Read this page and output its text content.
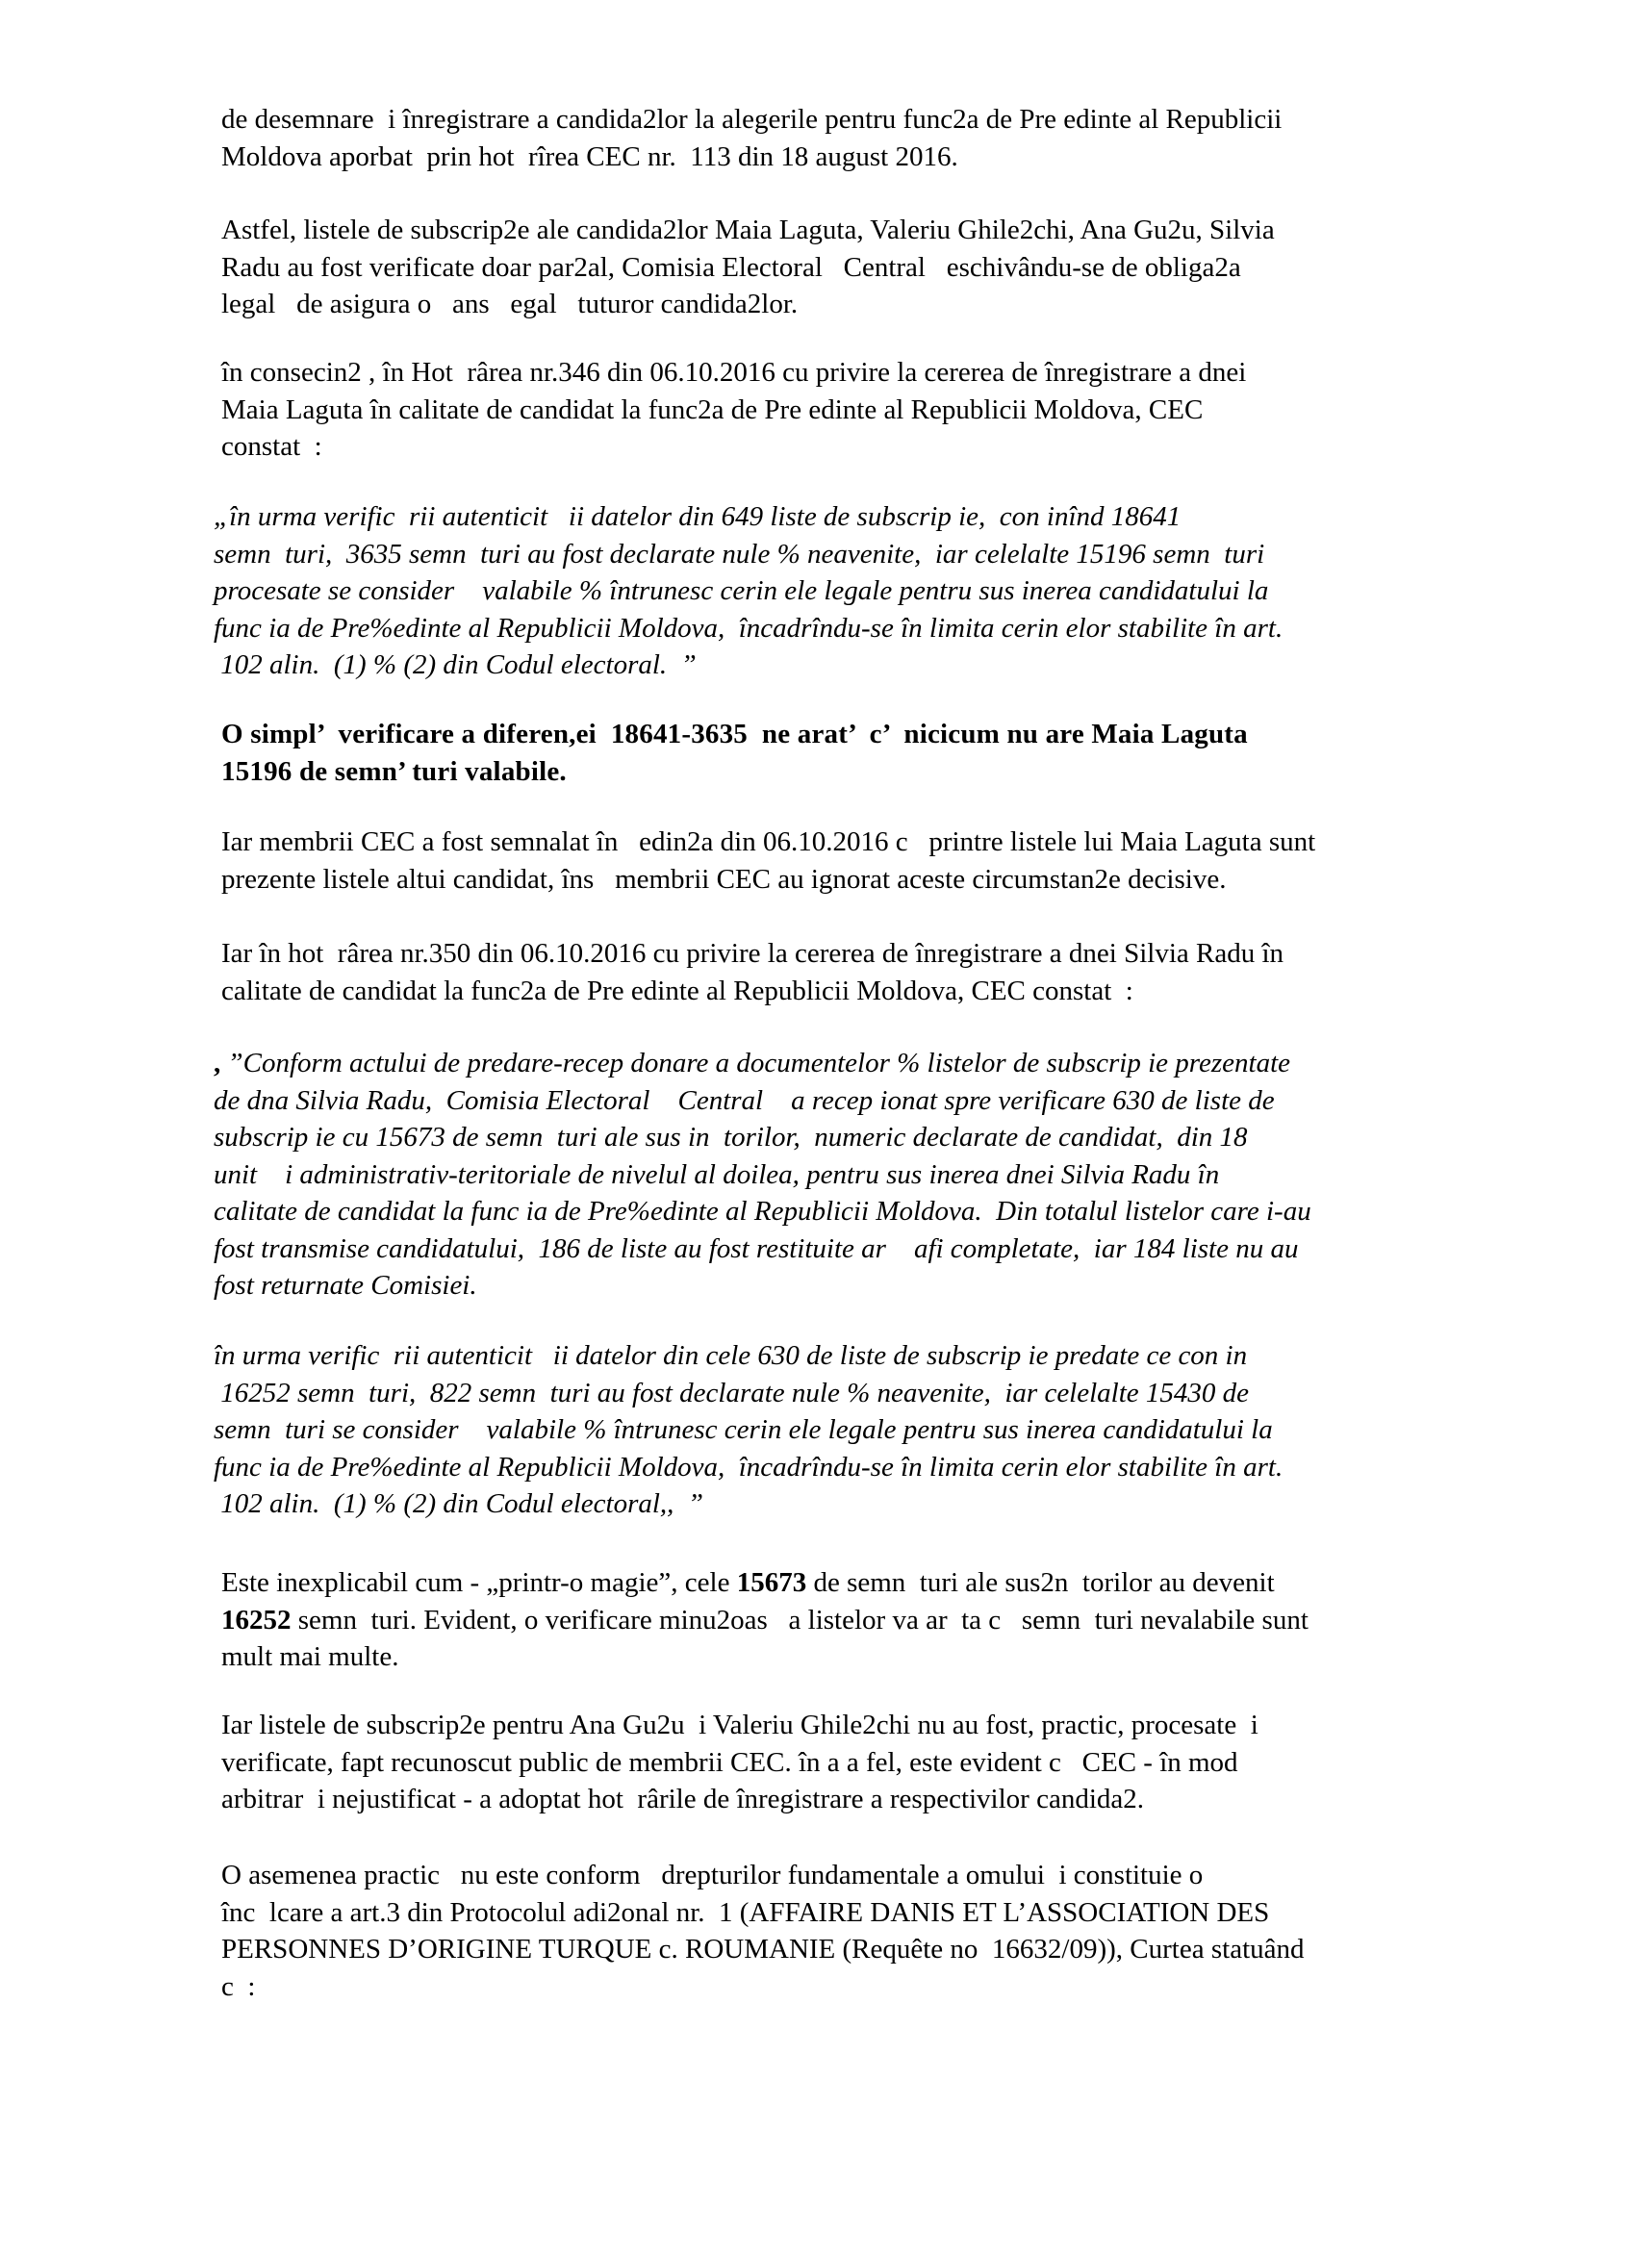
de desemnare  i înregistrare a candida2lor la alegerile pentru func2a de Pre edinte al Republicii
Moldova aporbat  prin hot  rîrea CEC nr.  113 din 18 august 2016.

Astfel, listele de subscrip2e ale candida2lor Maia Laguta, Valeriu Ghile2chi, Ana Gu2u, Silvia
Radu au fost verificate doar par2al, Comisia Electoral   Central   eschivându-se de obliga2a
legal   de asigura o   ans   egal   tuturor candida2lor.

în consecin2 , în Hot  rârea nr.346 din 06.10.2016 cu privire la cererea de înregistrare a dnei
Maia Laguta în calitate de candidat la func2a de Pre edinte al Republicii Moldova, CEC
constat  :

„în urma verific  rii autenticit   ii datelor din 649 liste de subscrip ie,  con inînd 18641
semn  turi,  3635 semn  turi au fost declarate nule % neavenite,  iar celelalte 15196 semn  turi
procesate se consider    valabile % întrunesc cerin ele legale pentru sus inerea candidatului la
func ia de Pre%edinte al Republicii Moldova,  încadrîndu-se în limita cerin elor stabilite în art.
102 alin.  (1) % (2) din Codul electoral.  ”

O simpl’  verificare a diferen,ei  18641-3635  ne arat’  c’  nicicum nu are Maia Laguta
15196 de semn’ turi valabile.

Iar membrii CEC a fost semnalat în   edin2a din 06.10.2016 c   printre listele lui Maia Laguta sunt
prezente listele altui candidat, îns   membrii CEC au ignorat aceste circumstan2e decisive.

Iar în hot  rârea nr.350 din 06.10.2016 cu privire la cererea de înregistrare a dnei Silvia Radu în
calitate de candidat la func2a de Pre edinte al Republicii Moldova, CEC constat  :

, ”Conform actului de predare-recep donare a documentelor % listelor de subscrip ie prezentate
de dna Silvia Radu,  Comisia Electoral    Central    a recep ionat spre verificare 630 de liste de
subscrip ie cu 15673 de semn  turi ale sus in  torilor,  numeric declarate de candidat,  din 18
unit    i administrativ-teritoriale de nivelul al doilea, pentru sus inerea dnei Silvia Radu în
calitate de candidat la func ia de Pre%edinte al Republicii Moldova.  Din totalul listelor care i-au
fost transmise candidatului,  186 de liste au fost restituite ar    afi completate,  iar 184 liste nu au
fost returnate Comisiei.

în urma verific  rii autenticit   ii datelor din cele 630 de liste de subscrip ie predate ce con in
16252 semn  turi,  822 semn  turi au fost declarate nule % neavenite,  iar celelalte 15430 de
semn  turi se consider    valabile % întrunesc cerin ele legale pentru sus inerea candidatului la
func ia de Pre%edinte al Republicii Moldova,  încadrîndu-se în limita cerin elor stabilite în art.
102 alin.  (1) % (2) din Codul electoral,,  ”

Este inexplicabil cum - „printr-o magie”, cele 15673 de semn  turi ale sus2n  torilor au devenit
16252 semn  turi. Evident, o verificare minu2oas   a listelor va ar  ta c   semn  turi nevalabile sunt
mult mai multe.

Iar listele de subscrip2e pentru Ana Gu2u  i Valeriu Ghile2chi nu au fost, practic, procesate  i
verificate, fapt recunoscut public de membrii CEC. în a a fel, este evident c   CEC - în mod
arbitrar  i nejustificat - a adoptat hot  rârile de înregistrare a respectivilor candida2.

O asemenea practic   nu este conform   drepturilor fundamentale a omului  i constituie o
înc  lcare a art.3 din Protocolul adi2onal nr.  1 (AFFAIRE DANIS ET L’ASSOCIATION DES
PERSONNES D’ORIGINE TURQUE c. ROUMANIE (Requête no  16632/09)), Curtea statuând
c  :
